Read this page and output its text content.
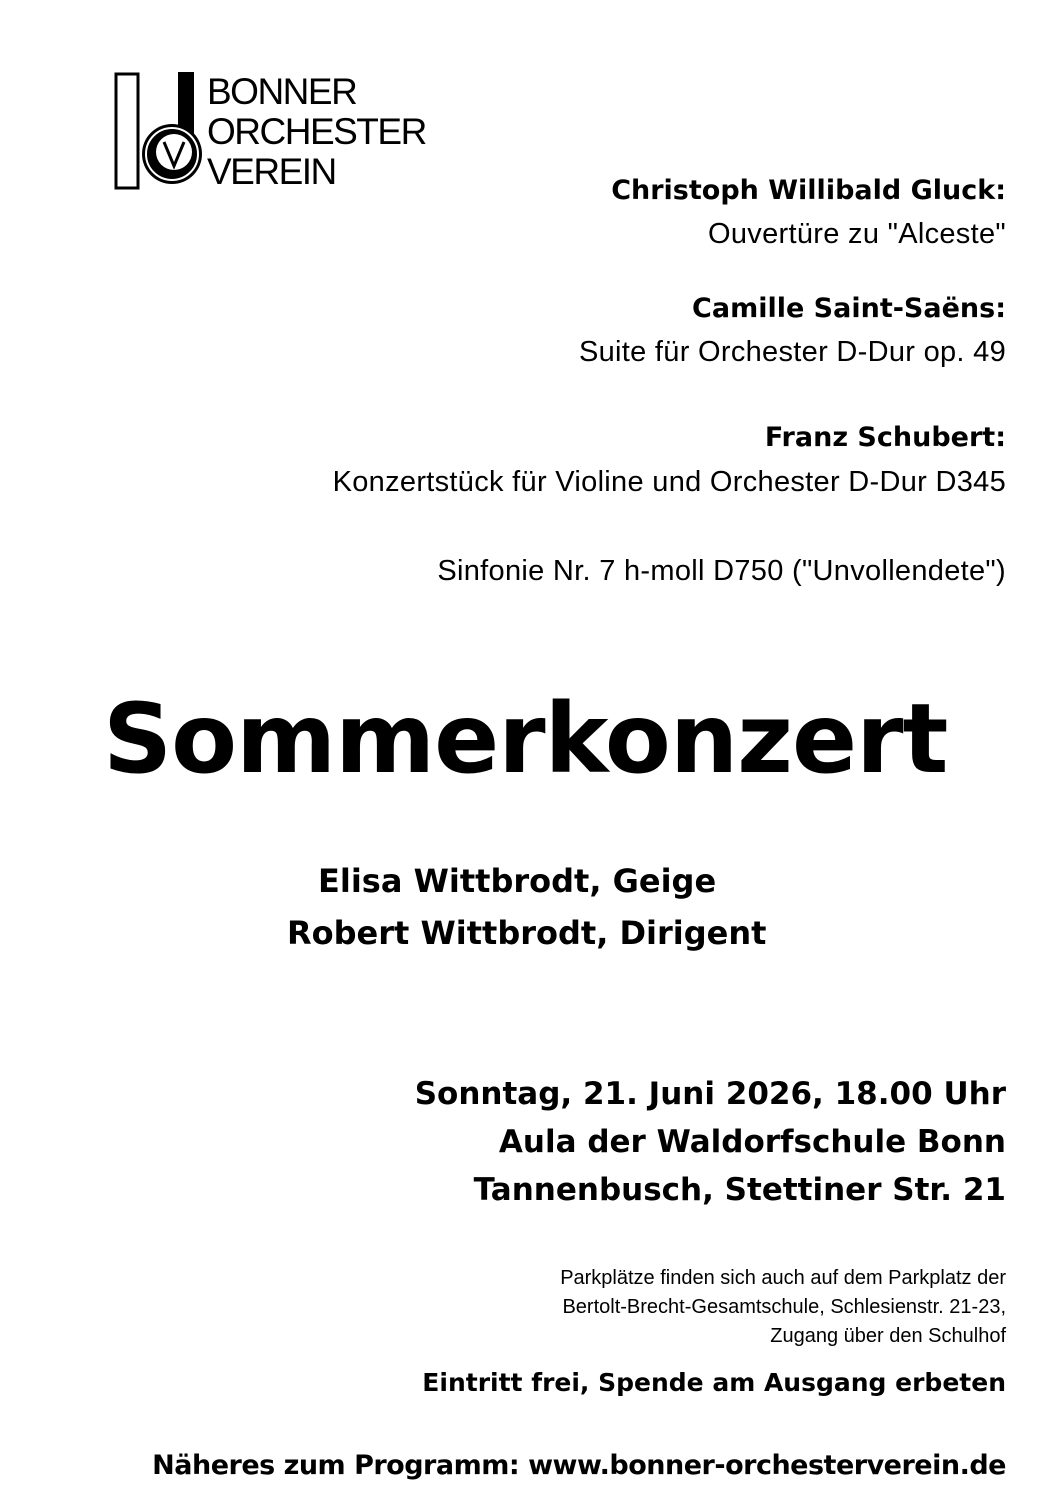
BONNER
ORCHESTER
VEREIN	Christoph Willibald Gluck:
Ouvertüre zu "Alceste"
Camille Saint-Saëns:
Suite für Orchester D-Dur op. 49
Franz Schubert:
Konzertstück für Violine und Orchester D-Dur D345
Sinfonie Nr. 7 h-moll D750 ("Unvollendete")
Sommerkonzert
Elisa Wittbrodt, Geige
Robert Wittbrodt, Dirigent
Sonntag, 21. Juni 2026, 18.00 Uhr
Aula der Waldorfschule Bonn
Tannenbusch, Stettiner Str. 21
Parkplätze finden sich auch auf dem Parkplatz der
Bertolt-Brecht-Gesamtschule, Schlesienstr. 21-23,
Zugang über den Schulhof
Eintritt frei, Spende am Ausgang erbeten
Näheres zum Programm: www.bonner-orchesterverein.de
